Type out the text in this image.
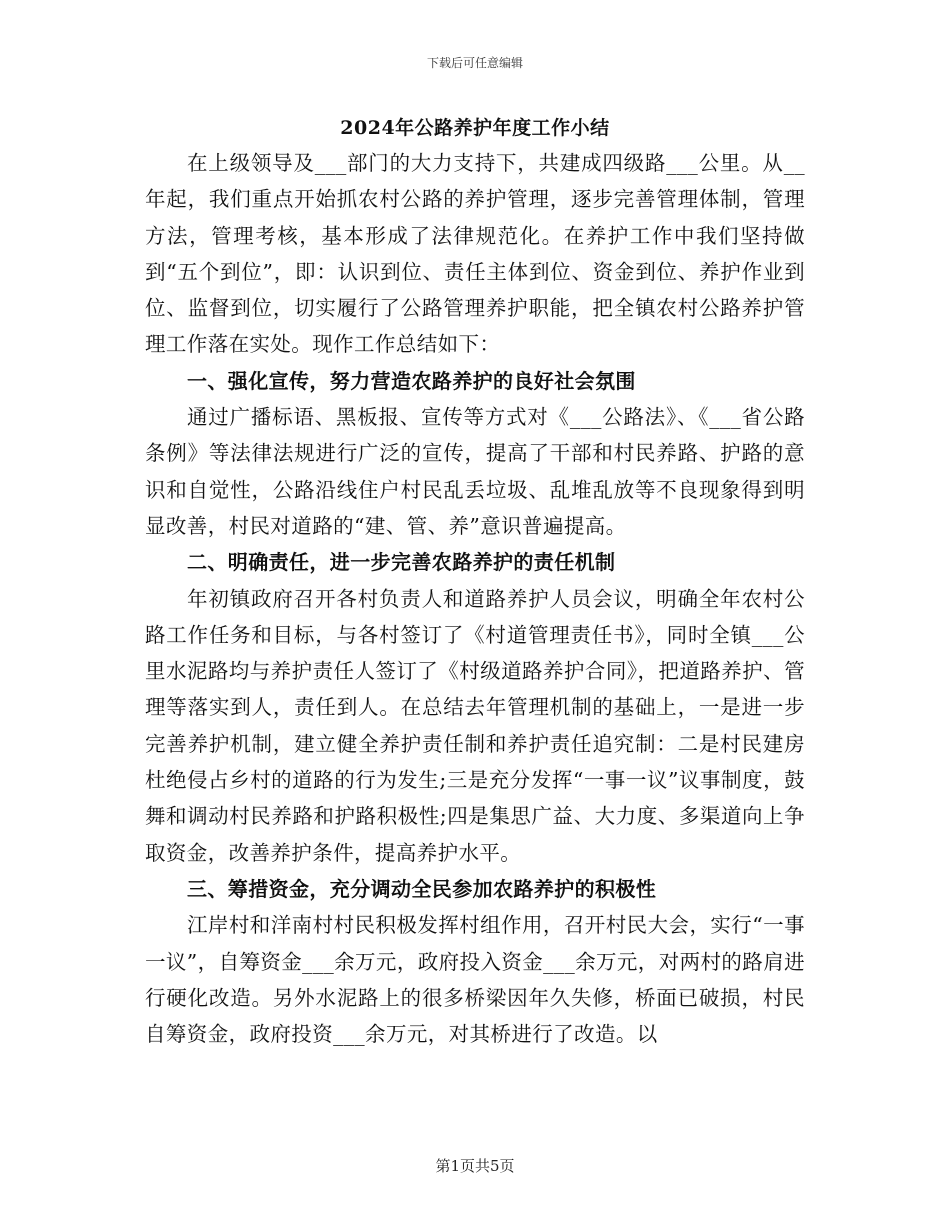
下载后可任意编辑
2024年公路养护年度工作小结

在上级领导及___部门的大力支持下，共建成四级路___公里。从__年起，我们重点开始抓农村公路的养护管理，逐步完善管理体制，管理方法，管理考核，基本形成了法律规范化。在养护工作中我们坚持做到“五个到位”，即：认识到位、责任主体到位、资金到位、养护作业到位、监督到位，切实履行了公路管理养护职能，把全镇农村公路养护管理工作落在实处。现作工作总结如下：

一、强化宣传，努力营造农路养护的良好社会氛围

通过广播标语、黑板报、宣传等方式对《___公路法》、《___省公路条例》等法律法规进行广泛的宣传，提高了干部和村民养路、护路的意识和自觉性，公路沿线住户村民乱丢垃圾、乱堆乱放等不良现象得到明显改善，村民对道路的“建、管、养”意识普遍提高。

二、明确责任，进一步完善农路养护的责任机制

年初镇政府召开各村负责人和道路养护人员会议，明确全年农村公路工作任务和目标，与各村签订了《村道管理责任书》，同时全镇___公里水泥路均与养护责任人签订了《村级道路养护合同》，把道路养护、管理等落实到人，责任到人。在总结去年管理机制的基础上，一是进一步完善养护机制，建立健全养护责任制和养护责任追究制：二是村民建房杜绝侵占乡村的道路的行为发生;三是充分发挥“一事一议”议事制度，鼓舞和调动村民养路和护路积极性;四是集思广益、大力度、多渠道向上争取资金，改善养护条件，提高养护水平。

三、筹措资金，充分调动全民参加农路养护的积极性

江岸村和洋南村村民积极发挥村组作用，召开村民大会，实行“一事一议”，自筹资金___余万元，政府投入资金___余万元，对两村的路肩进行硬化改造。另外水泥路上的很多桥梁因年久失修，桥面已破损，村民自筹资金，政府投资___余万元，对其桥进行了改造。以

第1页共5页
